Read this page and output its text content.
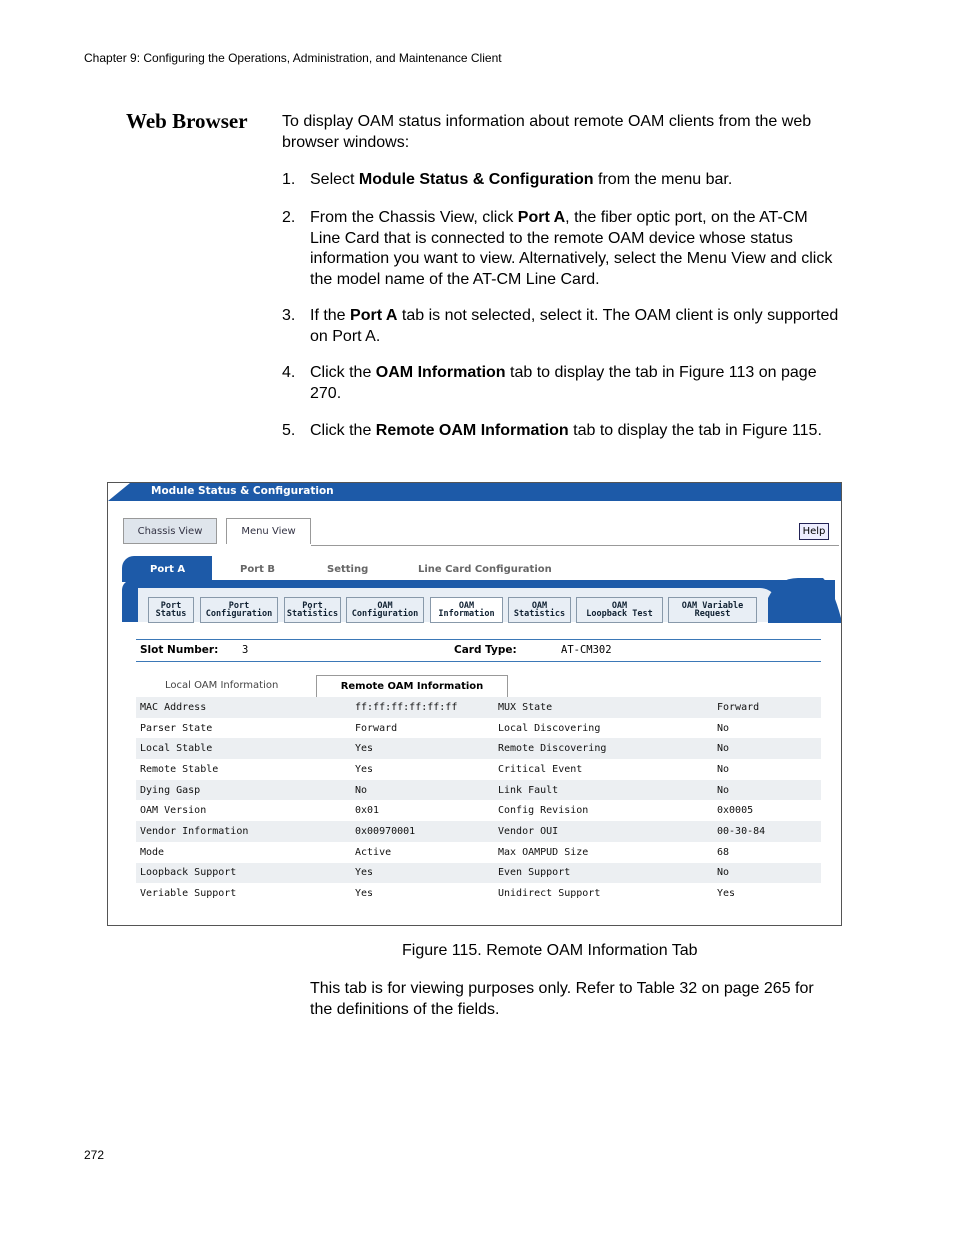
Chapter 9: Configuring the Operations, Administration, and Maintenance Client
Web Browser To display OAM status information about remote OAM clients from the web browser windows:
1. Select Module Status & Configuration from the menu bar.
2. From the Chassis View, click Port A, the fiber optic port, on the AT-CM Line Card that is connected to the remote OAM device whose status information you want to view. Alternatively, select the Menu View and click the model name of the AT-CM Line Card.
3. If the Port A tab is not selected, select it. The OAM client is only supported on Port A.
4. Click the OAM Information tab to display the tab in Figure 113 on page 270.
5. Click the Remote OAM Information tab to display the tab in Figure 115.
Module Status & Configuration
Chassis View	Menu View	Help
Port A	Port B	Setting	Line Card Configuration
Port
Status
Port
Configuration
Port
Statistics
OAM
Configuration
OAM
Information
OAM
Statistics
OAM
Loopback Test
OAM Variable
Request
Slot Number: 3	Card Type:	AT-CM302
Local OAM Information	Remote OAM Information
MAC Address	ff:ff:ff:ff:ff:ff	MUX State	Forward
Parser State	Forward	Local Discovering	No
Local Stable	Yes	Remote Discovering	No
Remote Stable	Yes	Critical Event	No
Dying Gasp	No	Link Fault	No
OAM Version	0x01	Config Revision	0x0005
Vendor Information	0x00970001	Vendor OUI	00-30-84
Mode	Active	Max OAMPUD Size	68
Loopback Support	Yes	Even Support	No
Veriable Support	Yes	Unidirect Support	Yes
Figure 115. Remote OAM Information Tab
This tab is for viewing purposes only. Refer to Table 32 on page 265 for the definitions of the fields.
272
